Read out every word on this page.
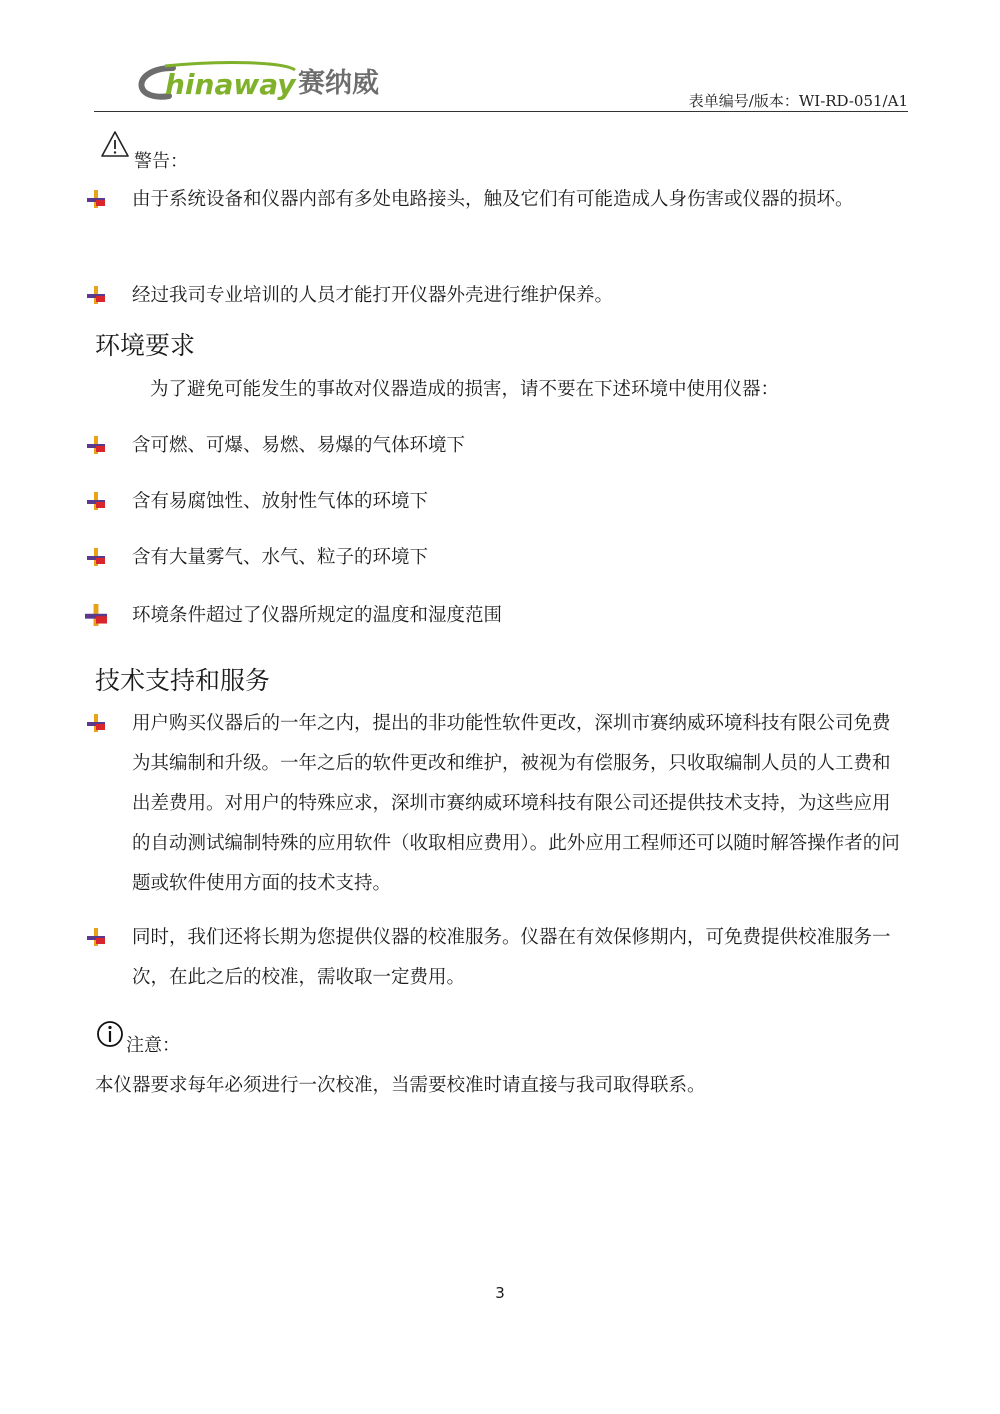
hinaway 赛纳威
表单编号/版本：WI-RD-051/A1
警告：
由于系统设备和仪器内部有多处电路接头，触及它们有可能造成人身伤害或仪器的损坏。
经过我司专业培训的人员才能打开仪器外壳进行维护保养。
环境要求
为了避免可能发生的事故对仪器造成的损害，请不要在下述环境中使用仪器：
含可燃、可爆、易燃、易爆的气体环境下
含有易腐蚀性、放射性气体的环境下
含有大量雾气、水气、粒子的环境下
环境条件超过了仪器所规定的温度和湿度范围
技术支持和服务
用户购买仪器后的一年之内，提出的非功能性软件更改，深圳市赛纳威环境科技有限公司免费为其编制和升级。一年之后的软件更改和维护，被视为有偿服务，只收取编制人员的人工费和出差费用。对用户的特殊应求，深圳市赛纳威环境科技有限公司还提供技术支持，为这些应用的自动测试编制特殊的应用软件（收取相应费用）。此外应用工程师还可以随时解答操作者的问题或软件使用方面的技术支持。
同时，我们还将长期为您提供仪器的校准服务。仪器在有效保修期内，可免费提供校准服务一次，在此之后的校准，需收取一定费用。
注意：
本仪器要求每年必须进行一次校准，当需要校准时请直接与我司取得联系。
3
